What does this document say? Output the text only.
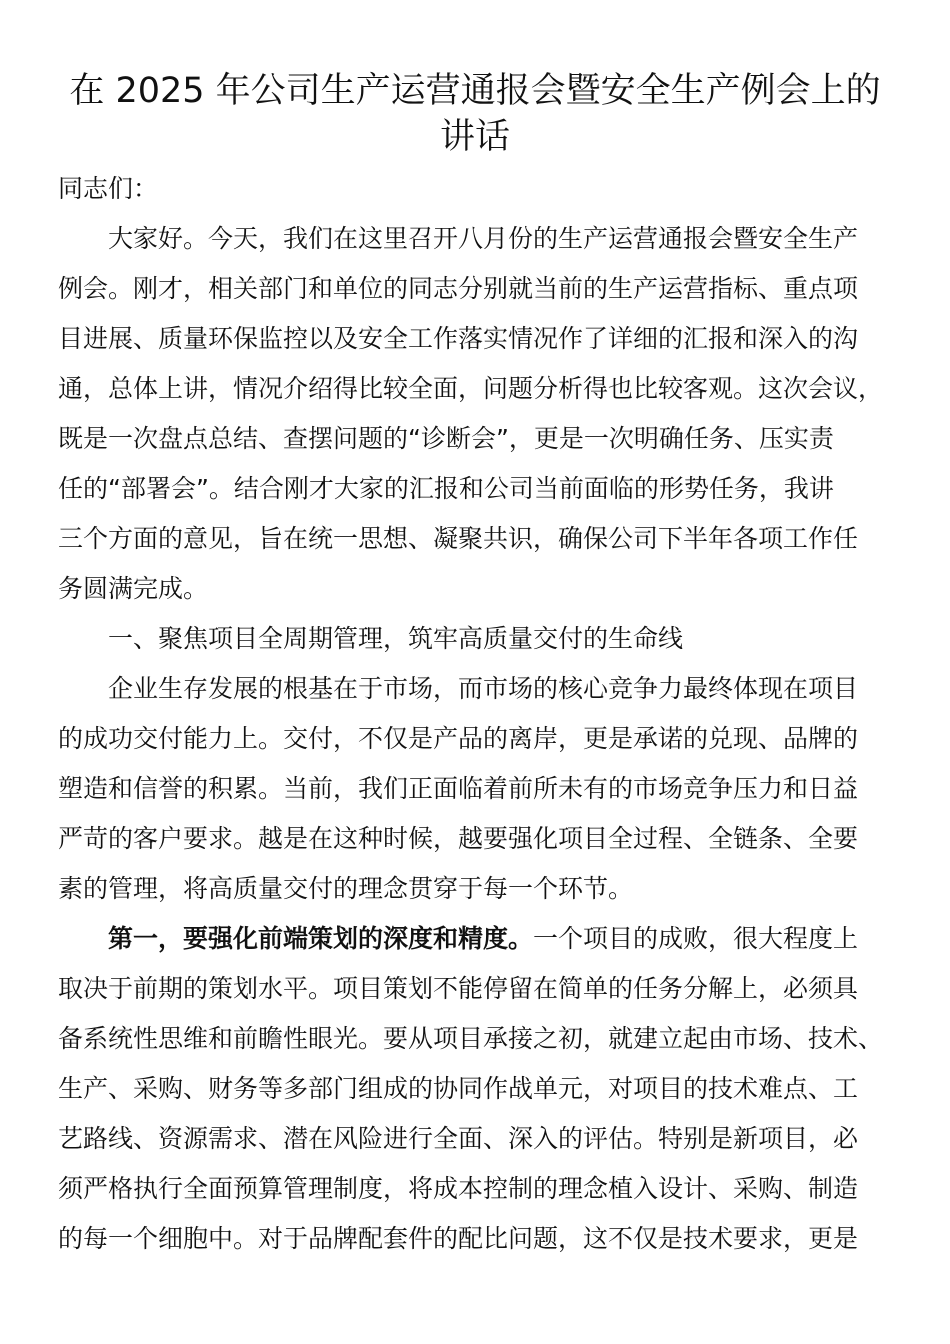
在 2025 年公司生产运营通报会暨安全生产例会上的
讲话
同志们：
大家好。今天，我们在这里召开八月份的生产运营通报会暨安全生产
例会。刚才，相关部门和单位的同志分别就当前的生产运营指标、重点项
目进展、质量环保监控以及安全工作落实情况作了详细的汇报和深入的沟
通，总体上讲，情况介绍得比较全面，问题分析得也比较客观。这次会议，
既是一次盘点总结、查摆问题的“诊断会”，更是一次明确任务、压实责
任的“部署会”。结合刚才大家的汇报和公司当前面临的形势任务，我讲
三个方面的意见，旨在统一思想、凝聚共识，确保公司下半年各项工作任
务圆满完成。
一、聚焦项目全周期管理，筑牢高质量交付的生命线
企业生存发展的根基在于市场，而市场的核心竞争力最终体现在项目
的成功交付能力上。交付，不仅是产品的离岸，更是承诺的兑现、品牌的
塑造和信誉的积累。当前，我们正面临着前所未有的市场竞争压力和日益
严苛的客户要求。越是在这种时候，越要强化项目全过程、全链条、全要
素的管理，将高质量交付的理念贯穿于每一个环节。
第一，要强化前端策划的深度和精度。一个项目的成败，很大程度上
取决于前期的策划水平。项目策划不能停留在简单的任务分解上，必须具
备系统性思维和前瞻性眼光。要从项目承接之初，就建立起由市场、技术、
生产、采购、财务等多部门组成的协同作战单元，对项目的技术难点、工
艺路线、资源需求、潜在风险进行全面、深入的评估。特别是新项目，必
须严格执行全面预算管理制度，将成本控制的理念植入设计、采购、制造
的每一个细胞中。对于品牌配套件的配比问题，这不仅是技术要求，更是
